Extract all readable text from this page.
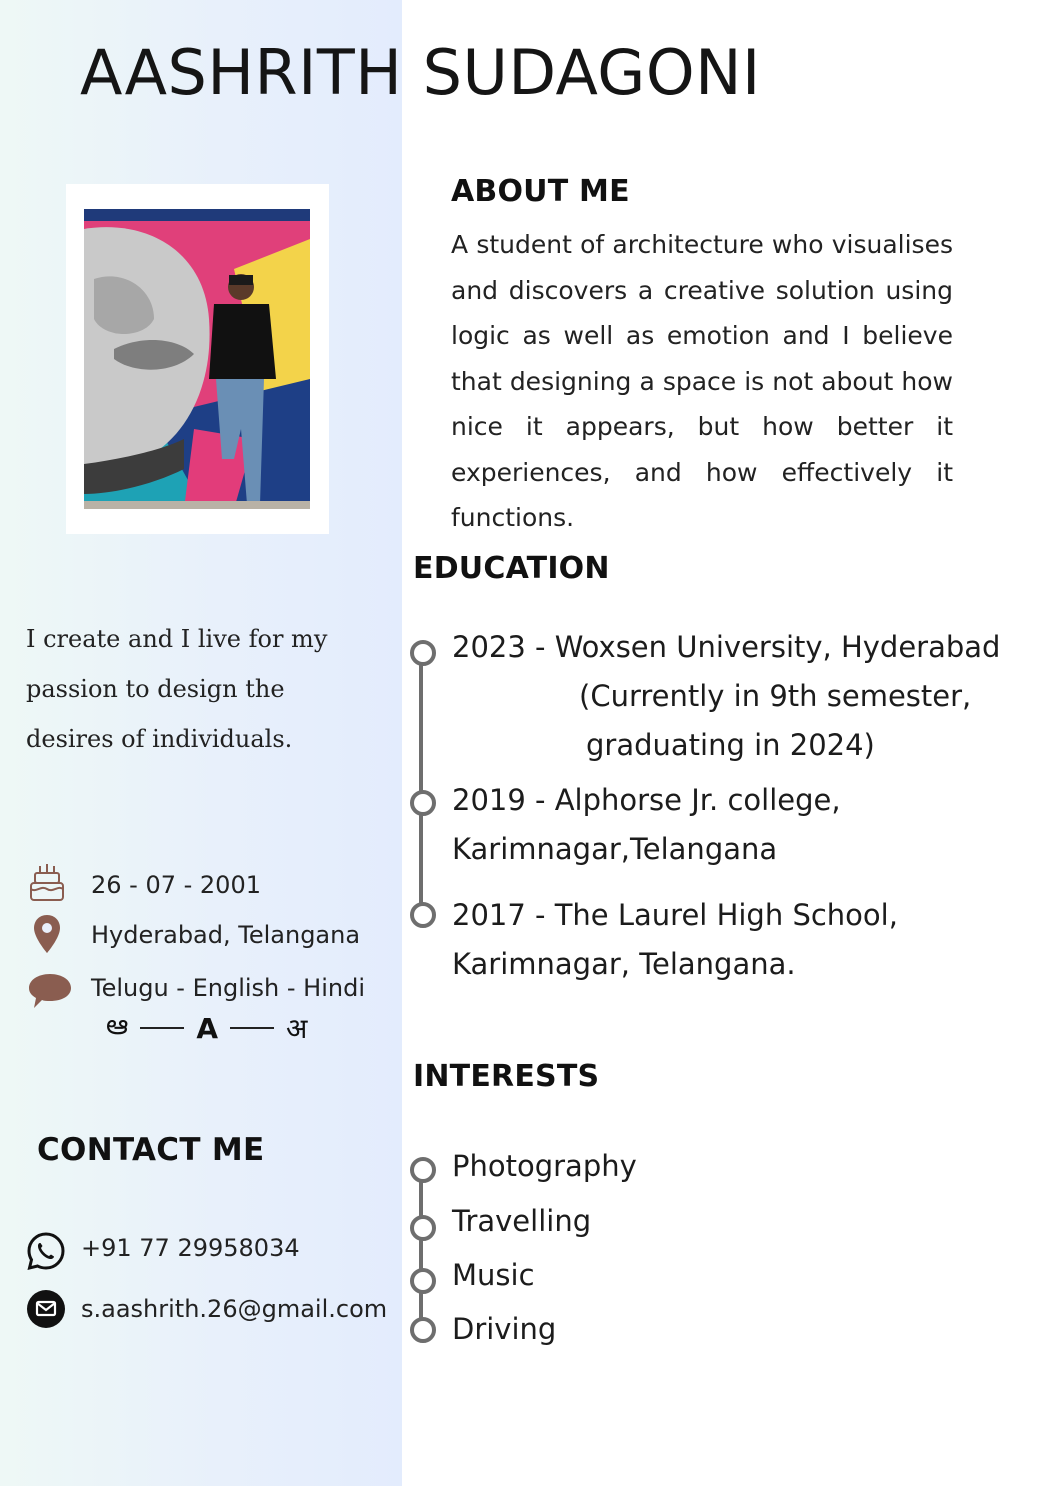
AASHRITH SUDAGONI

I create and I live for my
passion to design the
desires of individuals.

26 - 07 - 2001
Hyderabad, Telangana
Telugu - English - Hindi
ఆ A अ
CONTACT ME
+91 77 29958034
s.aashrith.26@gmail.com
ABOUT ME
A student of architecture who visualises
and discovers a creative solution using
logic as well as emotion and I believe
that designing a space is not about how
nice it appears, but how better it
experiences, and how effectively it
functions.
EDUCATION
2023 - Woxsen University, Hyderabad
(Currently in 9th semester,
graduating in 2024)
2019 - Alphorse Jr. college,
Karimnagar,Telangana
2017 - The Laurel High School,
Karimnagar, Telangana.
INTERESTS
Photography
Travelling
Music
Driving
